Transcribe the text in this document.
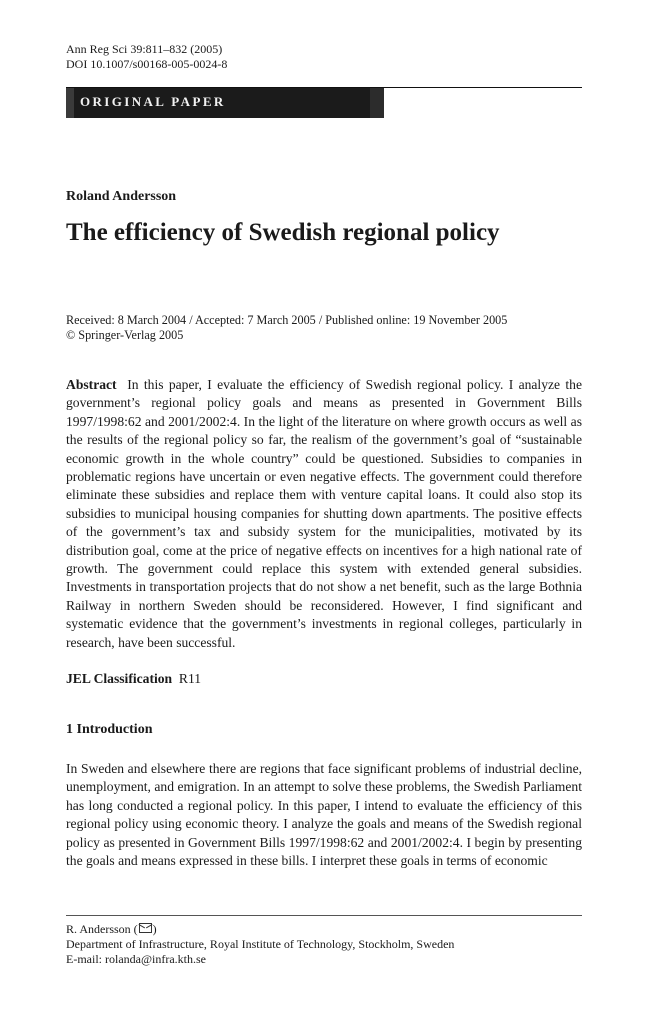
Ann Reg Sci 39:811–832 (2005)
DOI 10.1007/s00168-005-0024-8
ORIGINAL PAPER
Roland Andersson
The efficiency of Swedish regional policy
Received: 8 March 2004 / Accepted: 7 March 2005 / Published online: 19 November 2005
© Springer-Verlag 2005
Abstract In this paper, I evaluate the efficiency of Swedish regional policy. I analyze the government’s regional policy goals and means as presented in Government Bills 1997/1998:62 and 2001/2002:4. In the light of the literature on where growth occurs as well as the results of the regional policy so far, the realism of the government’s goal of “sustainable economic growth in the whole country” could be questioned. Subsidies to companies in problematic regions have uncertain or even negative effects. The government could therefore eliminate these subsidies and replace them with venture capital loans. It could also stop its subsidies to municipal housing companies for shutting down apartments. The positive effects of the government’s tax and subsidy system for the municipalities, motivated by its distribution goal, come at the price of negative effects on incentives for a high national rate of growth. The government could replace this system with extended general subsidies. Investments in transportation projects that do not show a net benefit, such as the large Bothnia Railway in northern Sweden should be reconsidered. However, I find significant and systematic evidence that the government’s investments in regional colleges, particularly in research, have been successful.
JEL Classification R11
1 Introduction
In Sweden and elsewhere there are regions that face significant problems of industrial decline, unemployment, and emigration. In an attempt to solve these problems, the Swedish Parliament has long conducted a regional policy. In this paper, I intend to evaluate the efficiency of this regional policy using economic theory. I analyze the goals and means of the Swedish regional policy as presented in Government Bills 1997/1998:62 and 2001/2002:4. I begin by presenting the goals and means expressed in these bills. I interpret these goals in terms of economic
R. Andersson ( )
Department of Infrastructure, Royal Institute of Technology, Stockholm, Sweden
E-mail: rolanda@infra.kth.se
